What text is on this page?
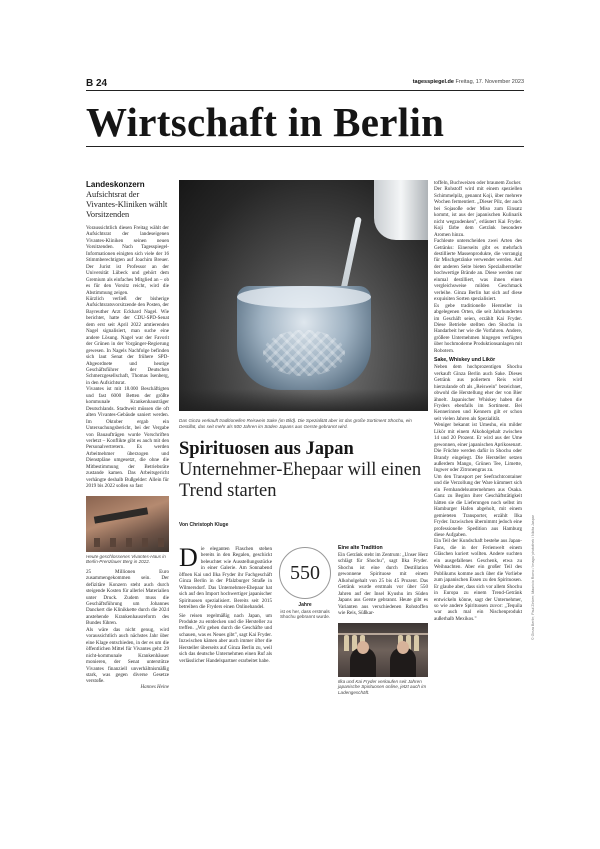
B 24	tagesspiegel.de Freitag, 17. November 2023
Wirtschaft in Berlin

Landeskonzern

Aufsichtsrat der Vivantes-Kliniken wählt Vorsitzenden

Voraussichtlich diesen Freitag wählt der Aufsichtsrat der landeseigenen Vivantes-Kliniken seinen neuen Vorsitzenden. Nach Tagesspiegel-Informationen einigten sich viele der 16 Stimmberechtigten auf Joachim Breuer. Der Jurist ist Professor an der Universität Lübeck und gehört dem Gremium als einfaches Mitglied an – ob es für den Vorsitz reicht, wird die Abstimmung zeigen.

Kürzlich verließ der bisherige Aufsichtsratsvorsitzende den Posten, der Bayreuther Arzt Eckhard Nagel. Wie berichtet, hatte der CDU-SPD-Senat dem erst seit April 2022 amtierenden Nagel signalisiert, man suche eine andere Lösung. Nagel war der Favorit der Grünen in der Vorgänger-Regierung gewesen. In Nagels Nachfolge befinden sich laut Senat der frühere SPD-Abgeordnete und heutige Geschäftsführer der Deutschen Schmerzgesellschaft, Thomas Isenberg, in den Aufsichtsrat.

Vivantes ist mit 18.000 Beschäftigten und fast 6000 Betten der größte kommunale Krankenhausträger Deutschlands. Stadtweit müssen die oft alten Vivantes-Gebäude saniert werden. Im Oktober ergab ein Untersuchungsbericht, bei der Vergabe von Bauaufträgen wurde Vorschriften verletzt – Konflikte gibt es auch mit den Personalvertretern. Es werden Arbeitnehmer überzogen und Dienstpläne umgesetzt, die ohne die Mitbestimmung der Betriebsräte zustande kamen. Das Arbeitsgericht verhängte deshalb Bußgelder: Allein für 2019 bis 2022 sollen so fast

Heute geschlossenes Vivantes-Haus in Berlin-Prenzlauer Berg in 2022.

25 Millionen Euro zusammengekommen sein. Der defizitäre Konzern steht auch durch steigende Kosten für allerlei Materialien unter Druck. Zudem muss die Geschäftsführung um Johannes Danckert die Klinikkette durch die 2024 anstehende Krankenhausreform des Bundes führen.

Als wäre das nicht genug, wird voraussichtlich auch nächstes Jahr über eine Klage entschieden, in der es um die öffentlichen Mittel für Vivantes geht: 29 nicht-kommunale Krankenhäuser monieren, der Senat unterstütze Vivantes finanziell unverhältnismäßig stark, was gegen diverse Gesetze verstoße.

Hannes Heine

Das Ginza verkauft traditionellen Reiswein Sake (im Bild). Die Spezialität aber ist das große Sortiment Shochu, ein Destillat, das seit mehr als 500 Jahren im Süden Japans aus Gerste gebrannt wird.

Spirituosen aus Japan

Unternehmer-Ehepaar will einen Trend starten

Von Christoph Kluge

Die eleganten Flaschen stehen bereits in den Regalen, geschickt beleuchtet wie Ausstellungsstücke in einer Galerie. Am Sonnabend öffnen Kai und Ilka Fryder ihr Fachgeschäft Ginza Berlin in der Pfalzburger Straße in Wilmersdorf. Das Unternehmer-Ehepaar hat sich auf den Import hochwertiger japanischer Spirituosen spezialisiert. Bereits seit 2015 betreiben die Fryders einen Onlinehandel.

Sie reisen regelmäßig nach Japan, um Produkte zu entdecken und die Hersteller zu treffen. „Wir gehen durch die Geschäfte und schauen, was es Neues gibt", sagt Kai Fryder. Inzwischen kämen aber auch immer öfter die Hersteller überseits auf Ginza Berlin zu, weil sich das deutsche Unternehmen einen Ruf als verlässlicher Handelspartner erarbeitet habe.

550

Jahre

ist es her, dass erstmals Shochu gebrannt wurde.

Eine alte Tradition

Ein Getränk steht im Zentrum: „Unser Herz schlägt für Shochu", sagt Ilka Fryder. Shochu ist eine durch Destillation gewonnene Spirituose mit einem Alkoholgehalt von 25 bis 45 Prozent. Das Getränk wurde erstmals vor über 550 Jahren auf der Insel Kyushu im Süden Japans aus Gerste gebrannt. Heute gibt es Varianten aus verschiedenen Rohstoffen wie Reis, Süßkar-

Ilka und Kai Fryder verkaufen seit Jahren japanische Spirituosen online, jetzt auch im Ladengeschäft.

toffeln, Buchweizen oder braunem Zucker.

Der Rohstoff wird mit einem speziellen Schimmelpilz, genannt Koji, über mehrere Wochen fermentiert. „Dieser Pilz, der auch bei Sojasoße oder Miso zum Einsatz kommt, ist aus der japanischen Kulinarik nicht wegzudenken", erläutert Kai Fryder. Koji färbe dem Getränk besondere Aromen hinzu.

Fachleute unterscheiden zwei Arten des Getränks: Einerseits gibt es mehrfach destillierte Massenprodukte, die vorrangig für Mischgetränke verwendet werden. Auf der anderen Seite bieten Spezialhersteller hochwertige Brände an. Diese werden nur einmal destilliert, was ihnen einen vergleichsweise milden Geschmack verleihe. Ginza Berlin hat sich auf diese exquisiten Sorten spezialisiert.

Es gebe traditionelle Hersteller in abgelegenen Orten, die seit Jahrhunderten im Geschäft seien, erzählt Kai Fryder. Diese Betriebe stellten den Shochu in Handarbeit her wie die Vorfahren. Andere, größere Unternehmen hingegen verfügten über hochmoderne Produktionsanlagen mit Robotern.

Sake, Whiskey und Likör

Neben dem hochprozentigen Shochu verkauft Ginza Berlin auch Sake. Dieses Getränk aus poliertem Reis wird hierzulande oft als „Reiswein" bezeichnet, obwohl die Herstellung eher der von Bier ähnelt. Japanischer Whiskey haben die Fryders ebenfalls im Sortiment. Bei Kennerinnen und Kennern gilt er schon seit vielen Jahren als Spezialität.

Weniger bekannt ist Umeshu, ein milder Likör mit einem Alkoholgehalt zwischen 14 und 20 Prozent. Er wird aus der Ume gewonnen, einer japanischen Aprikosenart. Die Früchte werden dafür in Shochu oder Brandy eingelegt. Die Hersteller setzen außerdem Mango, Grünen Tee, Limette, Ingwer oder Zitronengras zu.

Um den Transport per Seefrachtcontainer und die Verzollung der Ware kümmert sich ein Fernhandelsunternehmen aus Osaka. Ganz zu Beginn ihrer Geschäftstätigkeit hätten sie die Lieferungen noch selbst im Hamburger Hafen abgeholt, mit einem gemieteten Transporter, erzählt Ilka Fryder. Inzwischen übernimmt jedoch eine professionelle Spedition aus Hamburg diese Aufgaben.

Ein Teil der Kundschaft bestehe aus Japan-Fans, die in der Ferienwelt einem Gläschen kuriert wollten. Andere suchten ein ausgefallenes Geschenk, etwa zu Weihnachten. Aber ein großer Teil des Publikums komme auch über die Vorliebe zum japanischen Essen zu den Spirituosen. Er glaube aber, dass sich vor allem Shochu in Europa zu einem Trend-Getränk entwickeln könne, sagt der Unternehmer, so wie andere Spirituosen zuvor: „Tequila war auch mal ein Nischenprodukt außerhalb Mexikos."	© Ginza Berlin; Paul Zinken; Mauricio Romo / Imago/ photothek / Nikita Jaspar
